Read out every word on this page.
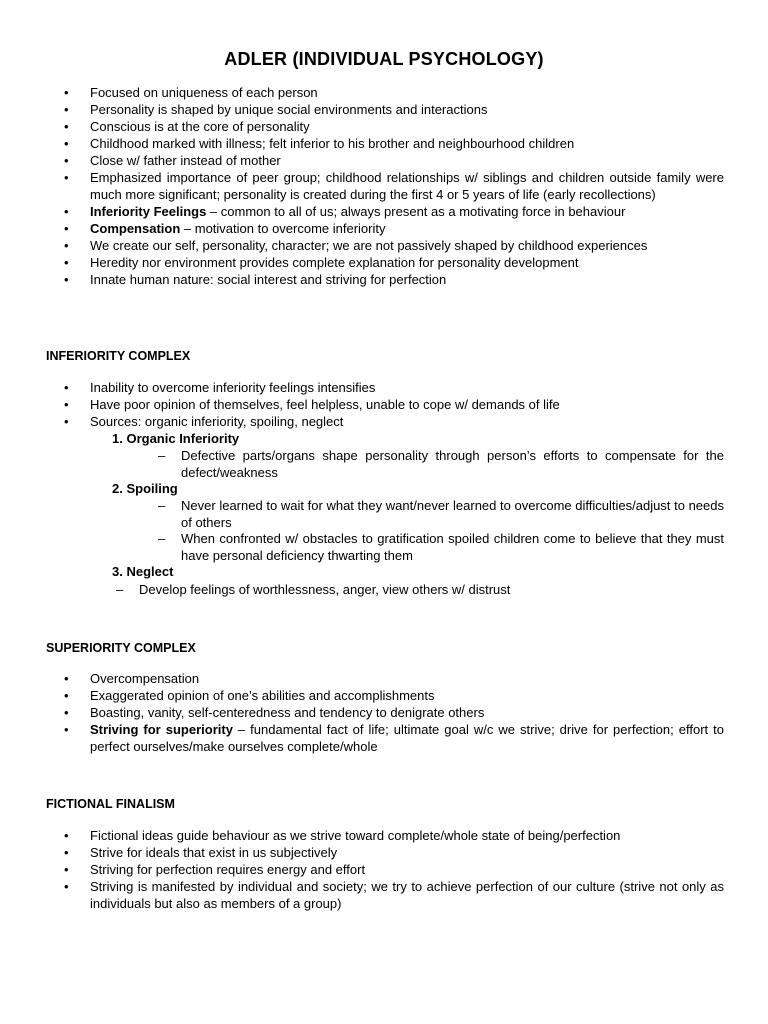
ADLER (INDIVIDUAL PSYCHOLOGY)
• Focused on uniqueness of each person
• Personality is shaped by unique social environments and interactions
• Conscious is at the core of personality
• Childhood marked with illness; felt inferior to his brother and neighbourhood children
• Close w/ father instead of mother
• Emphasized importance of peer group; childhood relationships w/ siblings and children outside family were much more significant; personality is created during the first 4 or 5 years of life (early recollections)
• Inferiority Feelings – common to all of us; always present as a motivating force in behaviour
• Compensation – motivation to overcome inferiority
• We create our self, personality, character; we are not passively shaped by childhood experiences
• Heredity nor environment provides complete explanation for personality development
• Innate human nature: social interest and striving for perfection
INFERIORITY COMPLEX
• Inability to overcome inferiority feelings intensifies
• Have poor opinion of themselves, feel helpless, unable to cope w/ demands of life
• Sources: organic inferiority, spoiling, neglect
1. Organic Inferiority
– Defective parts/organs shape personality through person’s efforts to compensate for the defect/weakness
2. Spoiling
– Never learned to wait for what they want/never learned to overcome difficulties/adjust to needs of others
– When confronted w/ obstacles to gratification spoiled children come to believe that they must have personal deficiency thwarting them
3. Neglect
– Develop feelings of worthlessness, anger, view others w/ distrust
SUPERIORITY COMPLEX
• Overcompensation
• Exaggerated opinion of one’s abilities and accomplishments
• Boasting, vanity, self-centeredness and tendency to denigrate others
• Striving for superiority – fundamental fact of life; ultimate goal w/c we strive; drive for perfection; effort to perfect ourselves/make ourselves complete/whole
FICTIONAL FINALISM
• Fictional ideas guide behaviour as we strive toward complete/whole state of being/perfection
• Strive for ideals that exist in us subjectively
• Striving for perfection requires energy and effort
• Striving is manifested by individual and society; we try to achieve perfection of our culture (strive not only as individuals but also as members of a group)
